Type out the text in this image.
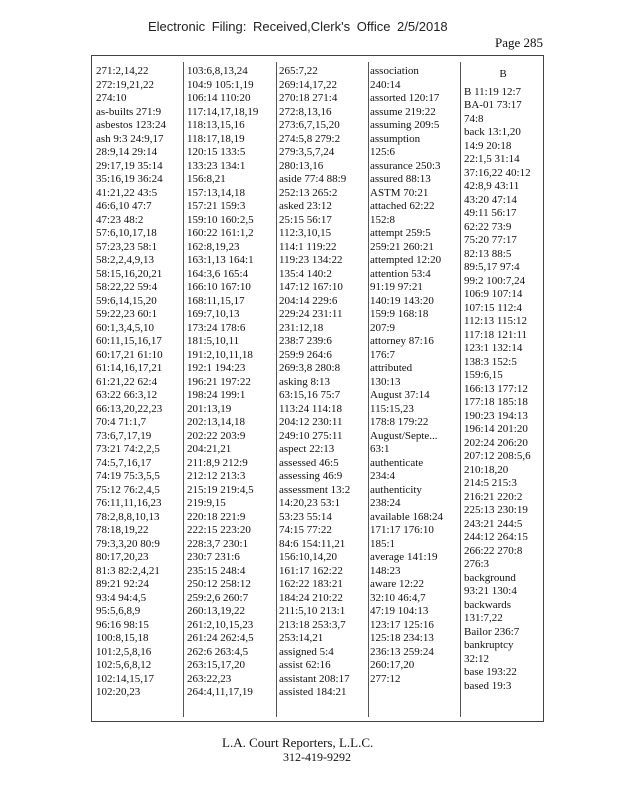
Electronic Filing: Received,Clerk's Office 2/5/2018
Page 285
271:2,14,22
272:19,21,22
274:10
as-builts 271:9
asbestos 123:24
ash 9:3 24:9,17
28:9,14 29:14
29:17,19 35:14
35:16,19 36:24
41:21,22 43:5
46:6,10 47:7
47:23 48:2
57:6,10,17,18
57:23,23 58:1
58:2,2,4,9,13
58:15,16,20,21
58:22,22 59:4
59:6,14,15,20
59:22,23 60:1
60:1,3,4,5,10
60:11,15,16,17
60:17,21 61:10
61:14,16,17,21
61:21,22 62:4
63:22 66:3,12
66:13,20,22,23
70:4 71:1,7
73:6,7,17,19
73:21 74:2,2,5
74:5,7,16,17
74:19 75:3,5,5
75:12 76:2,4,5
76:11,11,16,23
78:2,8,8,10,13
78:18,19,22
79:3,3,20 80:9
80:17,20,23
81:3 82:2,4,21
89:21 92:24
93:4 94:4,5
95:5,6,8,9
96:16 98:15
100:8,15,18
101:2,5,8,16
102:5,6,8,12
102:14,15,17
102:20,23
103:6,8,13,24
104:9 105:1,19
106:14 110:20
117:14,17,18,19
118:13,15,16
118:17,18,19
120:15 133:5
133:23 134:1
156:8,21
157:13,14,18
157:21 159:3
159:10 160:2,5
160:22 161:1,2
162:8,19,23
163:1,13 164:1
164:3,6 165:4
166:10 167:10
168:11,15,17
169:7,10,13
173:24 178:6
181:5,10,11
191:2,10,11,18
192:1 194:23
196:21 197:22
198:24 199:1
201:13,19
202:13,14,18
202:22 203:9
204:21,21
211:8,9 212:9
212:12 213:3
215:19 219:4,5
219:9,15
220:18 221:9
222:15 223:20
228:3,7 230:1
230:7 231:6
235:15 248:4
250:12 258:12
259:2,6 260:7
260:13,19,22
261:2,10,15,23
261:24 262:4,5
262:6 263:4,5
263:15,17,20
263:22,23
264:4,11,17,19
265:7,22
269:14,17,22
270:18 271:4
272:8,13,16
273:6,7,15,20
274:5,8 279:2
279:3,5,7,24
280:13,16
aside 77:4 88:9
252:13 265:2
asked 23:12
25:15 56:17
112:3,10,15
114:1 119:22
119:23 134:22
135:4 140:2
147:12 167:10
204:14 229:6
229:24 231:11
231:12,18
238:7 239:6
259:9 264:6
269:3,8 280:8
asking 8:13
63:15,16 75:7
113:24 114:18
204:12 230:11
249:10 275:11
aspect 22:13
assessed 46:5
assessing 46:9
assessment 13:2
14:20,23 53:1
53:23 55:14
74:15 77:22
84:6 154:11,21
156:10,14,20
161:17 162:22
162:22 183:21
184:24 210:22
211:5,10 213:1
213:18 253:3,7
253:14,21
assigned 5:4
assist 62:16
assistant 208:17
assisted 184:21
association
240:14
assorted 120:17
assume 219:22
assuming 209:5
assumption
125:6
assurance 250:3
assured 88:13
ASTM 70:21
attached 62:22
152:8
attempt 259:5
259:21 260:21
attempted 12:20
attention 53:4
91:19 97:21
140:19 143:20
159:9 168:18
207:9
attorney 87:16
176:7
attributed
130:13
August 37:14
115:15,23
178:8 179:22
August/Septe...
63:1
authenticate
234:4
authenticity
238:24
available 168:24
171:17 176:10
185:1
average 141:19
148:23
aware 12:22
32:10 46:4,7
47:19 104:13
123:17 125:16
125:18 234:13
236:13 259:24
260:17,20
277:12
B
B 11:19 12:7
BA-01 73:17
74:8
back 13:1,20
14:9 20:18
22:1,5 31:14
37:16,22 40:12
42:8,9 43:11
43:20 47:14
49:11 56:17
62:22 73:9
75:20 77:17
82:13 88:5
89:5,17 97:4
99:2 100:7,24
106:9 107:14
107:15 112:4
112:13 115:12
117:18 121:11
123:1 132:14
138:3 152:5
159:6,15
166:13 177:12
177:18 185:18
190:23 194:13
196:14 201:20
202:24 206:20
207:12 208:5,6
210:18,20
214:5 215:3
216:21 220:2
225:13 230:19
243:21 244:5
244:12 264:15
266:22 270:8
276:3
background
93:21 130:4
backwards
131:7,22
Bailor 236:7
bankruptcy
32:12
base 193:22
based 19:3
L.A. Court Reporters, L.L.C.
312-419-9292
